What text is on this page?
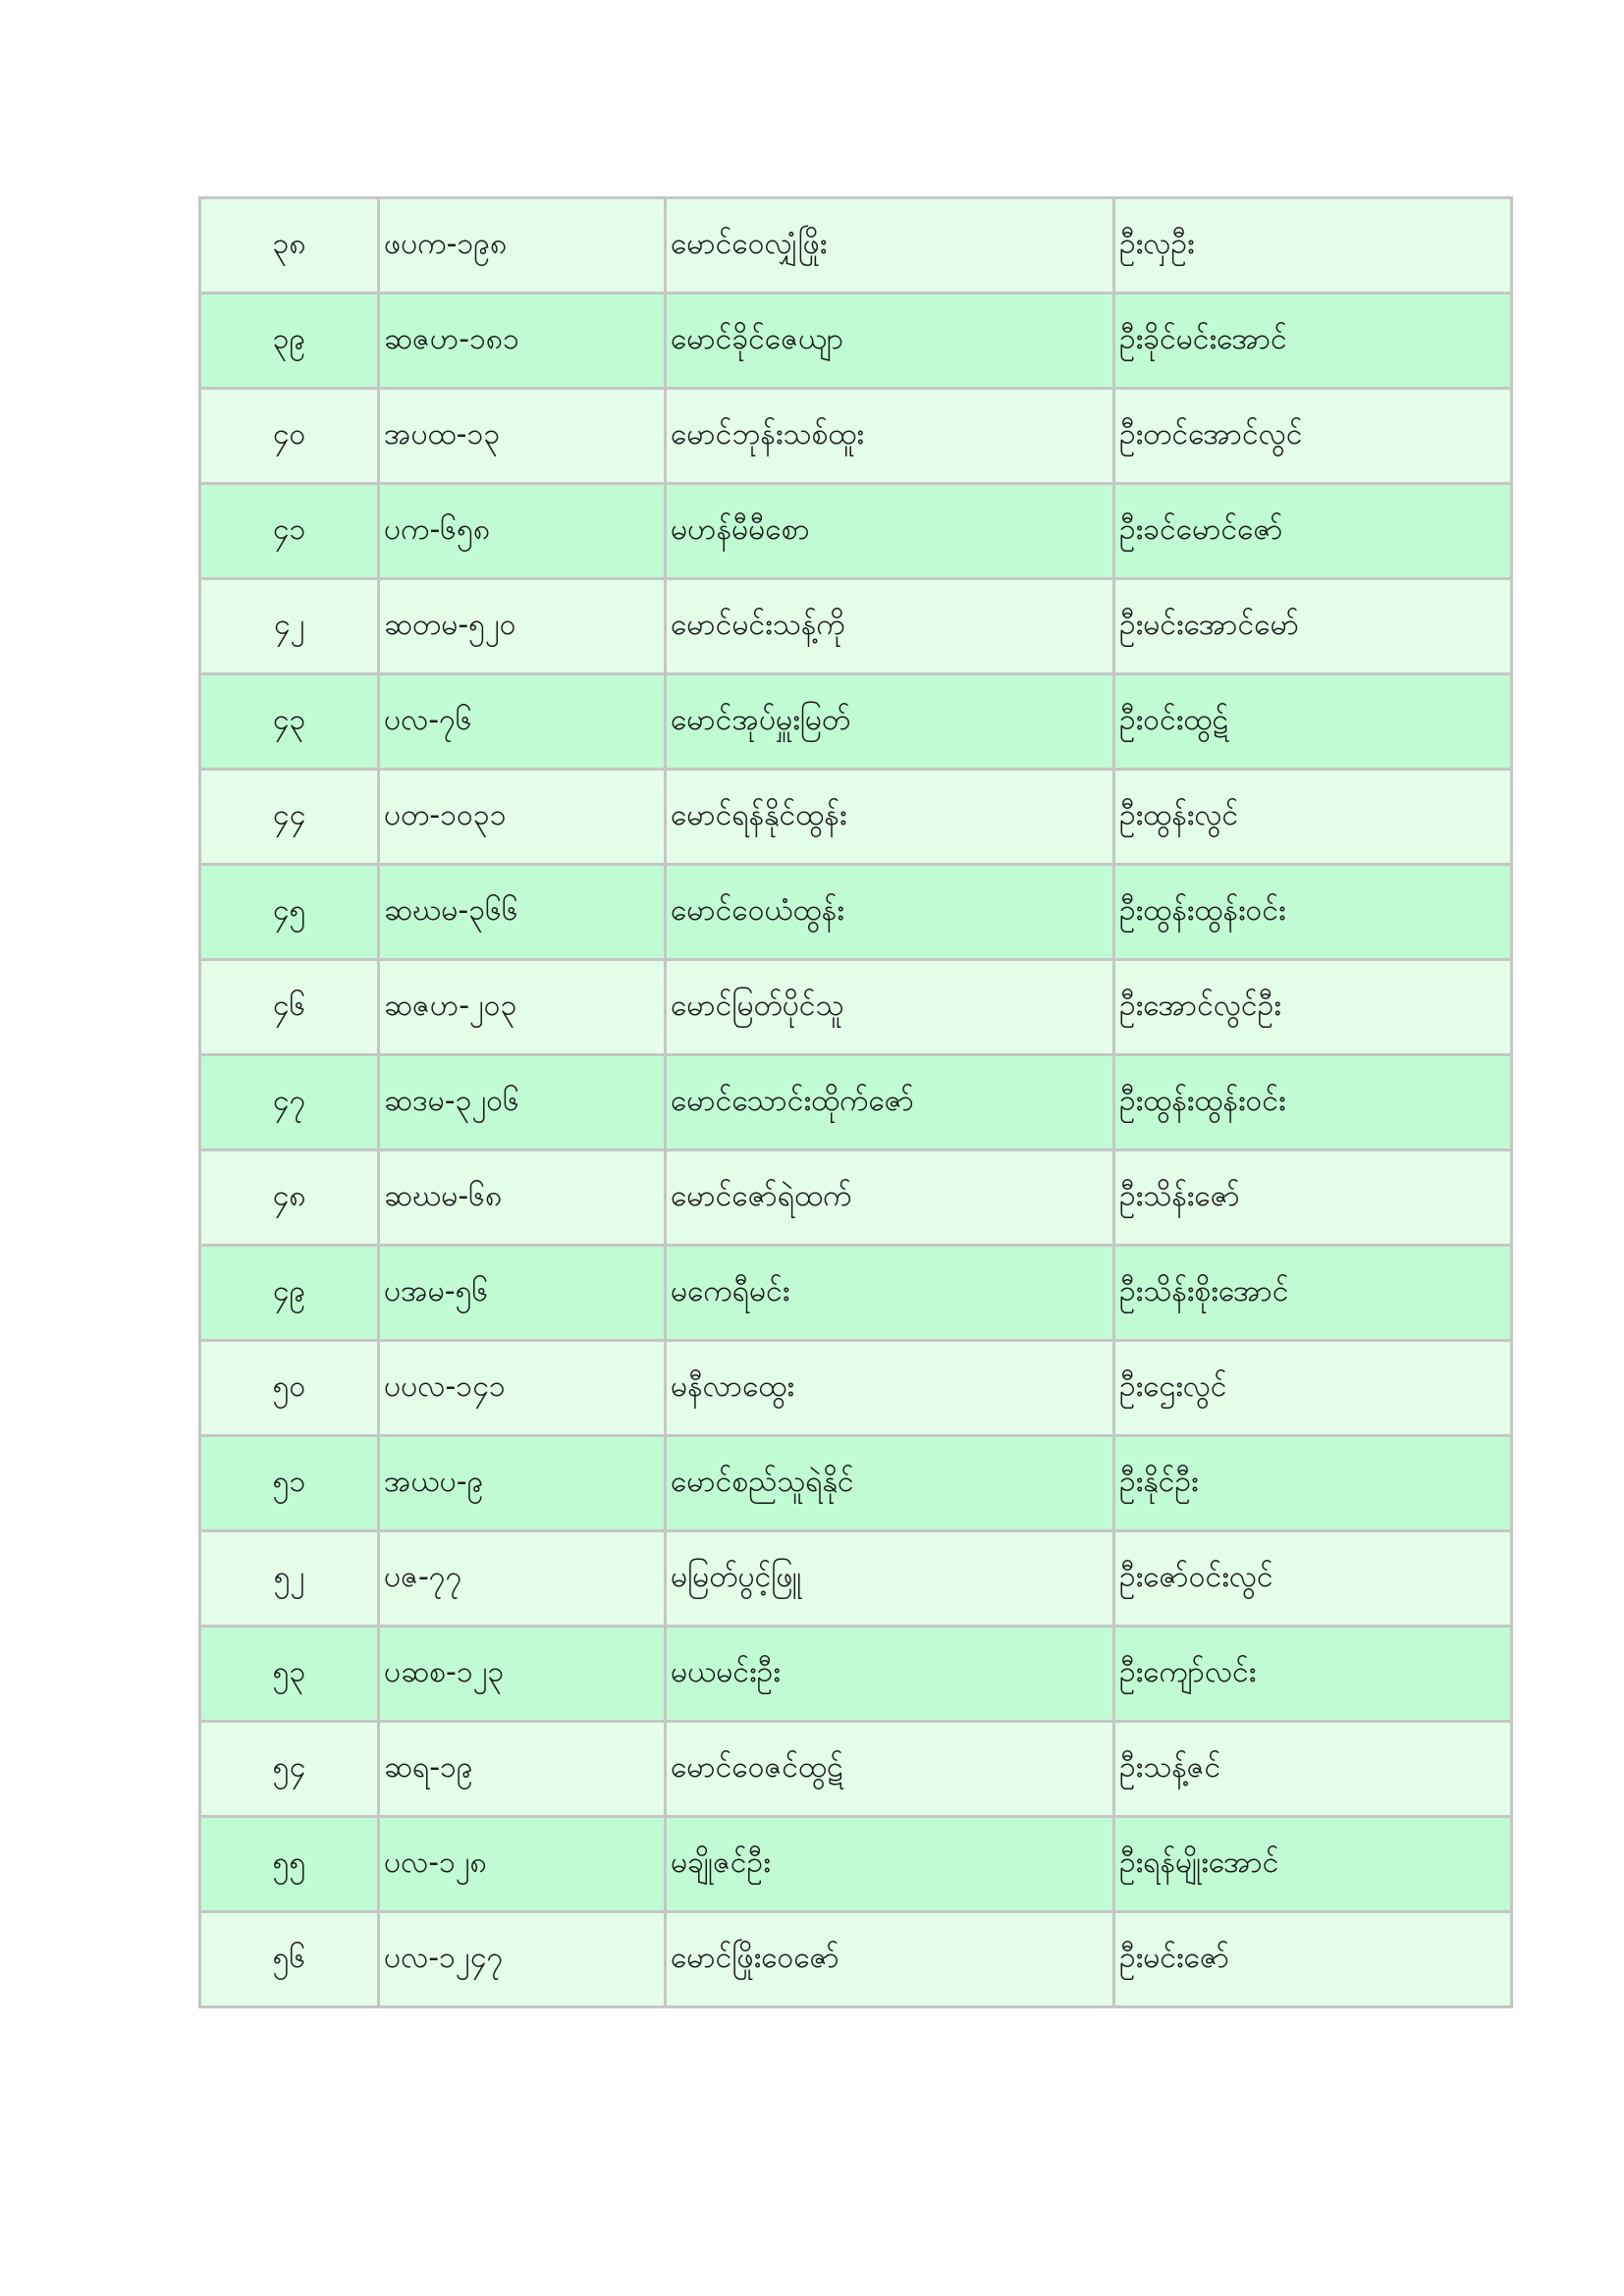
၃၈	ဖပက-၁၉၈	မောင်ဝေလျှံဖြိုး	ဦးလှဦး
၃၉	ဆဇဟ-၁၈၁	မောင်ခိုင်ဇေယျာ	ဦးခိုင်မင်းအောင်
၄၀	အပထ-၁၃	မောင်ဘုန်းသစ်ထူး	ဦးတင်အောင်လွင်
၄၁	ပက-၆၅၈	မဟန်မီမီစော	ဦးခင်မောင်ဇော်
၄၂	ဆတမ-၅၂၀	မောင်မင်းသန့်ကို	ဦးမင်းအောင်မော်
၄၃	ပလ-၇၆	မောင်အုပ်မှူးမြတ်	ဦးဝင်းထွဋ်
၄၄	ပတ-၁၀၃၁	မောင်ရန်နိုင်ထွန်း	ဦးထွန်းလွင်
၄၅	ဆဃမ-၃၆၆	မောင်ဝေယံထွန်း	ဦးထွန်းထွန်းဝင်း
၄၆	ဆဇဟ-၂၀၃	မောင်မြတ်ပိုင်သူ	ဦးအောင်လွင်ဦး
၄၇	ဆဒမ-၃၂၀၆	မောင်သောင်းထိုက်ဇော်	ဦးထွန်းထွန်းဝင်း
၄၈	ဆဃမ-၆၈	မောင်ဇော်ရဲထက်	ဦးသိန်းဇော်
၄၉	ပအမ-၅၆	မကေရီမင်း	ဦးသိန်းစိုးအောင်
၅၀	ပပလ-၁၄၁	မနီလာထွေး	ဦးဌေးလွင်
၅၁	အယပ-၉	မောင်စည်သူရဲနိုင်	ဦးနိုင်ဦး
၅၂	ပဇ-၇၇	မမြတ်ပွင့်ဖြူ	ဦးဇော်ဝင်းလွင်
၅၃	ပဆစ-၁၂၃	မယမင်းဦး	ဦးကျော်လင်း
၅၄	ဆရ-၁၉	မောင်ဝေဇင်ထွဋ်	ဦးသန့်ဇင်
၅၅	ပလ-၁၂၈	မချိုဇင်ဦး	ဦးရန်မျိုးအောင်
၅၆	ပလ-၁၂၄၇	မောင်ဖြိုးဝေဇော်	ဦးမင်းဇော်
